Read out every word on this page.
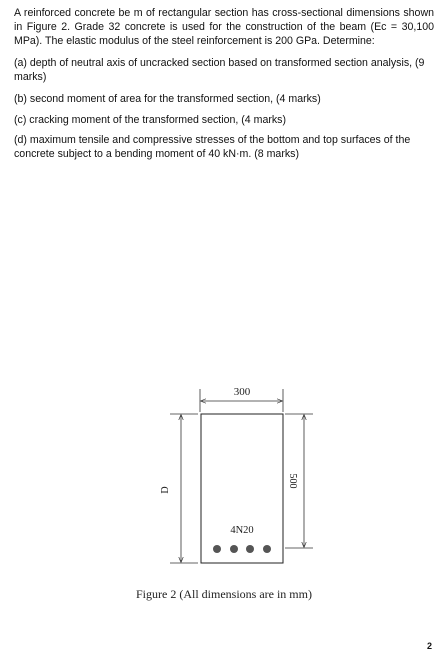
A reinforced concrete be m of rectangular section has cross-sectional dimensions shown in Figure 2. Grade 32 concrete is used for the construction of the beam (Ec = 30,100 MPa). The elastic modulus of the steel reinforcement is 200 GPa. Determine:

(a) depth of neutral axis of uncracked section based on transformed section analysis, (9 marks)

(b) second moment of area for the transformed section, (4 marks)

(c) cracking moment of the transformed section, (4 marks)

(d) maximum tensile and compressive stresses of the bottom and top surfaces of the concrete subject to a bending moment of 40 kN·m. (8 marks)

300
D
500
4N20
Figure 2 (All dimensions are in mm)
2
